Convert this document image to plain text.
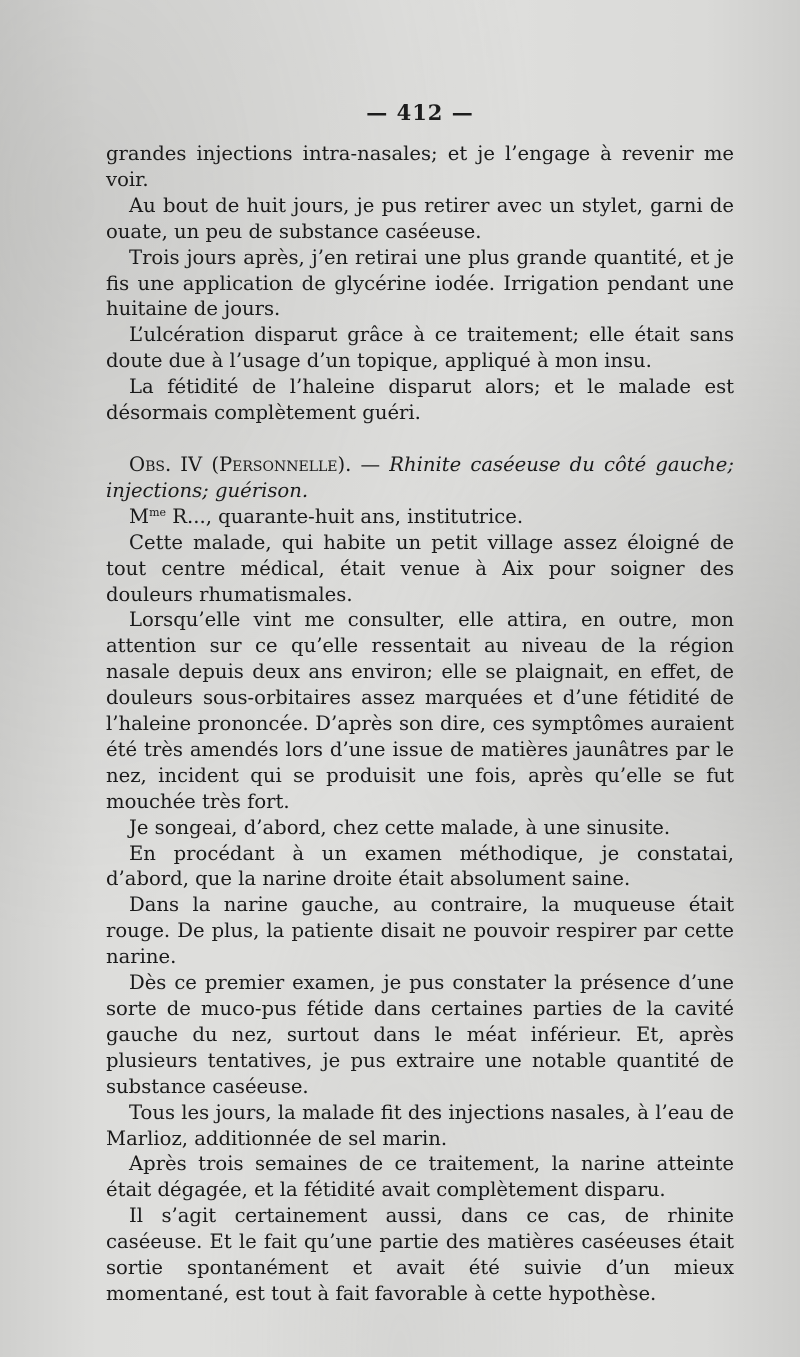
— 412 —

grandes injections intra-nasales; et je l’engage à revenir me voir.

Au bout de huit jours, je pus retirer avec un stylet, garni de ouate, un peu de substance caséeuse.

Trois jours après, j’en retirai une plus grande quantité, et je fis une application de glycérine iodée. Irrigation pendant une huitaine de jours.

L’ulcération disparut grâce à ce traitement; elle était sans doute due à l’usage d’un topique, appliqué à mon insu.

La fétidité de l’haleine disparut alors; et le malade est désormais complètement guéri.

Obs. IV (Personnelle). — Rhinite caséeuse du côté gauche; injections; guérison.

$M^{me}$ R..., quarante-huit ans, institutrice.

Cette malade, qui habite un petit village assez éloigné de tout centre médical, était venue à Aix pour soigner des douleurs rhumatismales.

Lorsqu’elle vint me consulter, elle attira, en outre, mon attention sur ce qu’elle ressentait au niveau de la région nasale depuis deux ans environ; elle se plaignait, en effet, de douleurs sous-orbitaires assez marquées et d’une fétidité de l’haleine prononcée. D’après son dire, ces symptômes auraient été très amendés lors d’une issue de matières jaunâtres par le nez, incident qui se produisit une fois, après qu’elle se fut mouchée très fort.

Je songeai, d’abord, chez cette malade, à une sinusite.

En procédant à un examen méthodique, je constatai, d’abord, que la narine droite était absolument saine.

Dans la narine gauche, au contraire, la muqueuse était rouge. De plus, la patiente disait ne pouvoir respirer par cette narine.

Dès ce premier examen, je pus constater la présence d’une sorte de muco-pus fétide dans certaines parties de la cavité gauche du nez, surtout dans le méat inférieur. Et, après plusieurs tentatives, je pus extraire une notable quantité de substance caséeuse.

Tous les jours, la malade fit des injections nasales, à l’eau de Marlioz, additionnée de sel marin.

Après trois semaines de ce traitement, la narine atteinte était dégagée, et la fétidité avait complètement disparu.

Il s’agit certainement aussi, dans ce cas, de rhinite caséeuse. Et le fait qu’une partie des matières caséeuses était sortie spontanément et avait été suivie d’un mieux momentané, est tout à fait favorable à cette hypothèse.
